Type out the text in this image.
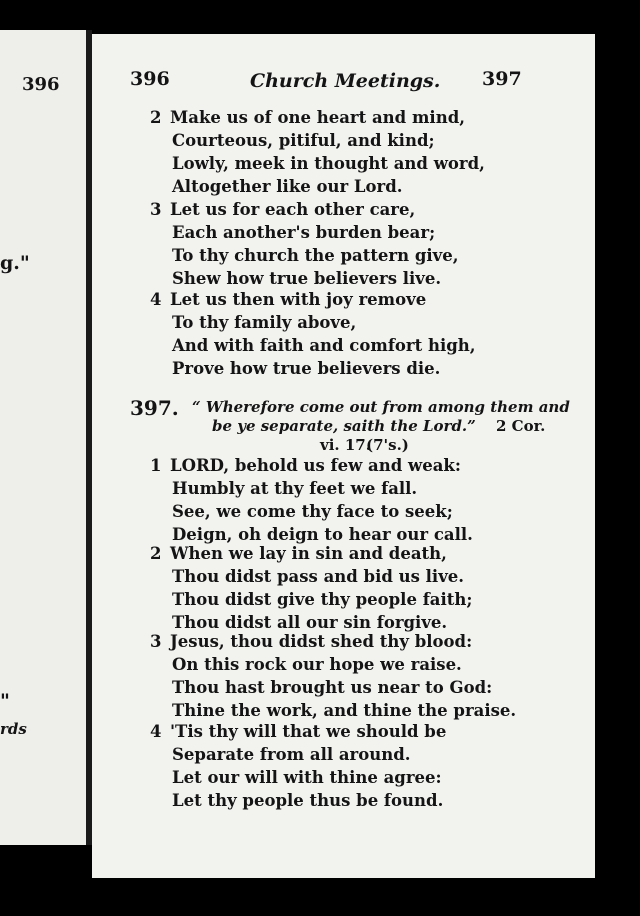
396
g."
"
rds
396	Church Meetings. 397
2 Make us of one heart and mind,
Courteous, pitiful, and kind;
Lowly, meek in thought and word,
Altogether like our Lord.
3 Let us for each other care,
Each another's burden bear;
To thy church the pattern give,
Shew how true believers live.
4 Let us then with joy remove
To thy family above,
And with faith and comfort high,
Prove how true believers die.
397. “ Wherefore come out from among them and
be ye separate, saith the Lord.” 2 Cor.
vi. 17.
(7's.)
1 LORD, behold us few and weak:
Humbly at thy feet we fall.
See, we come thy face to seek;
Deign, oh deign to hear our call.
2 When we lay in sin and death,
Thou didst pass and bid us live.
Thou didst give thy people faith;
Thou didst all our sin forgive.
3 Jesus, thou didst shed thy blood:
On this rock our hope we raise.
Thou hast brought us near to God:
Thine the work, and thine the praise.
4 'Tis thy will that we should be
Separate from all around.
Let our will with thine agree:
Let thy people thus be found.
